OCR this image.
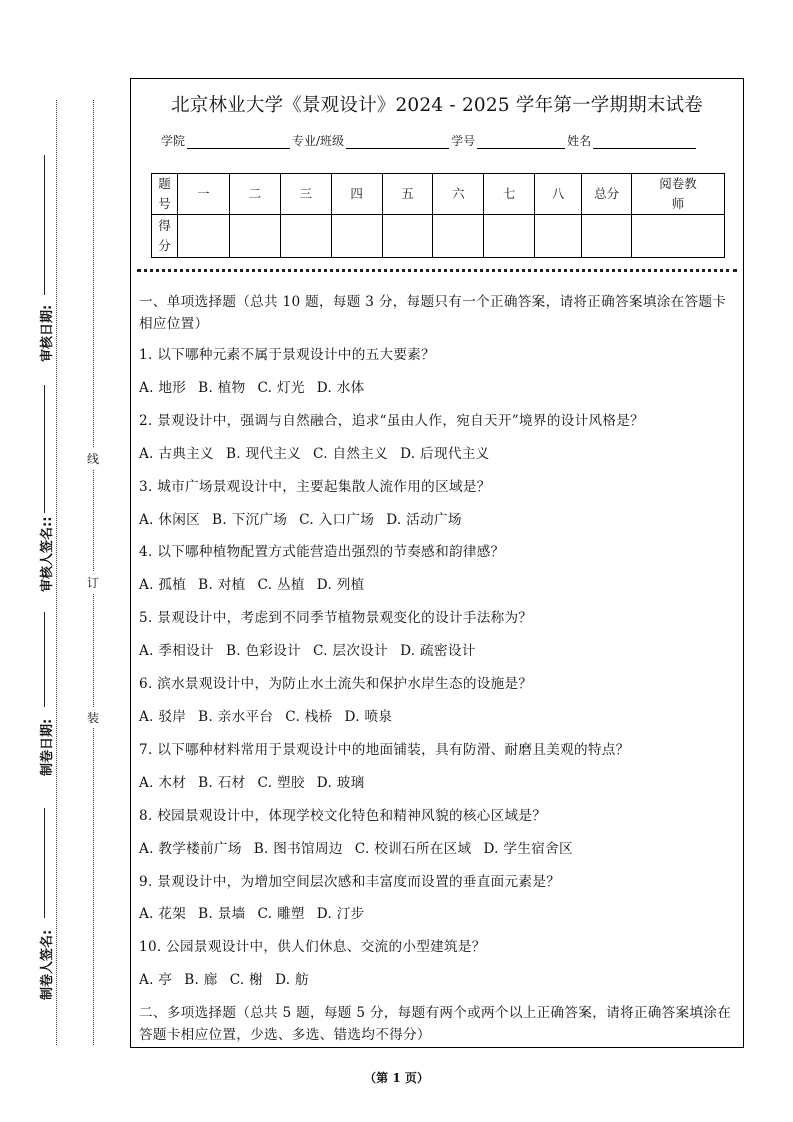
审核日期:
审核人签名::
制卷日期:
制卷人签名:
线
订
装
北京林业大学《景观设计》2024 - 2025 学年第一学期期末试卷
学院	专业/班级	学号	姓名
题号	一	二	三	四	五	六	七	八	总分	阅卷教师
得分										
一、单项选择题（总共 10 题，每题 3 分，每题只有一个正确答案，请将正确答案填涂在答题卡相应位置）
1. 以下哪种元素不属于景观设计中的五大要素？
A. 地形 B. 植物 C. 灯光 D. 水体
2. 景观设计中，强调与自然融合，追求“虽由人作，宛自天开”境界的设计风格是？
A. 古典主义 B. 现代主义 C. 自然主义 D. 后现代主义
3. 城市广场景观设计中，主要起集散人流作用的区域是？
A. 休闲区 B. 下沉广场 C. 入口广场 D. 活动广场
4. 以下哪种植物配置方式能营造出强烈的节奏感和韵律感？
A. 孤植 B. 对植 C. 丛植 D. 列植
5. 景观设计中，考虑到不同季节植物景观变化的设计手法称为？
A. 季相设计 B. 色彩设计 C. 层次设计 D. 疏密设计
6. 滨水景观设计中，为防止水土流失和保护水岸生态的设施是？
A. 驳岸 B. 亲水平台 C. 栈桥 D. 喷泉
7. 以下哪种材料常用于景观设计中的地面铺装，具有防滑、耐磨且美观的特点？
A. 木材 B. 石材 C. 塑胶 D. 玻璃
8. 校园景观设计中，体现学校文化特色和精神风貌的核心区域是？
A. 教学楼前广场 B. 图书馆周边 C. 校训石所在区域 D. 学生宿舍区
9. 景观设计中，为增加空间层次感和丰富度而设置的垂直面元素是？
A. 花架 B. 景墙 C. 雕塑 D. 汀步
10. 公园景观设计中，供人们休息、交流的小型建筑是？
A. 亭 B. 廊 C. 榭 D. 舫
二、多项选择题（总共 5 题，每题 5 分，每题有两个或两个以上正确答案，请将正确答案填涂在答题卡相应位置，少选、多选、错选均不得分）
（第 1 页）
